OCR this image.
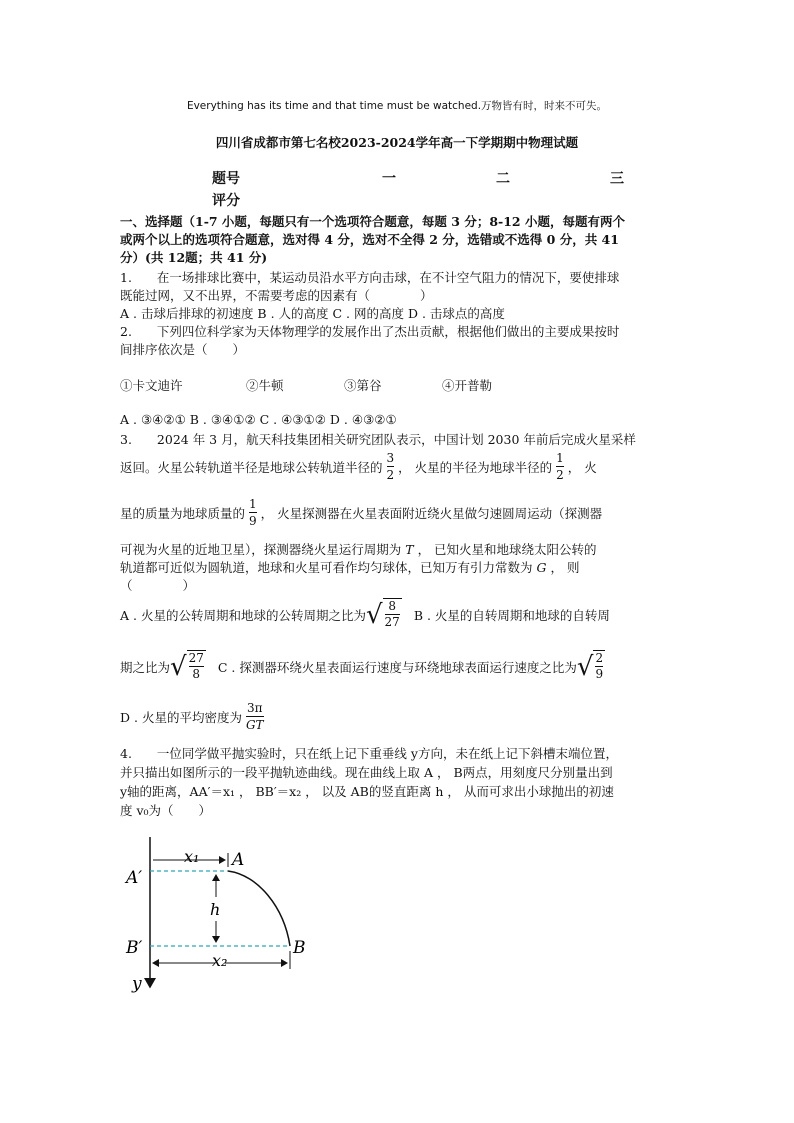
Everything has its time and that time must be watched.万物皆有时，时来不可失。
四川省成都市第七名校2023-2024学年高一下学期期中物理试题
题号	一	二	三
评分
一、选择题（1-7 小题，每题只有一个选项符合题意，每题 3 分；8-12 小题，每题有两个
或两个以上的选项符合题意，选对得 4 分，选对不全得 2 分，选错或不选得 0 分，共 41
分）(共 12题；共 41 分)
1.　　在一场排球比赛中，某运动员沿水平方向击球，在不计空气阻力的情况下，要使排球
既能过网，又不出界，不需要考虑的因素有（　　　　）
A . 击球后排球的初速度 B . 人的高度 C . 网的高度 D . 击球点的高度
2.　　下列四位科学家为天体物理学的发展作出了杰出贡献，根据他们做出的主要成果按时
间排序依次是（　　）
①卡文迪许	②牛顿	③第谷	④开普勒
A . ③④②① B . ③④①② C . ④③①② D . ④③②①
3.　　2024 年 3 月，航天科技集团相关研究团队表示，中国计划 2030 年前后完成火星采样
返回。火星公转轨道半径是地球公转轨道半径的 $\frac{3}{2}$ ， 火星的半径为地球半径的 $\frac{1}{2}$ ， 火
星的质量为地球质量的 $\frac{1}{9}$ ， 火星探测器在火星表面附近绕火星做匀速圆周运动（探测器
可视为火星的近地卫星），探测器绕火星运行周期为 T ， 已知火星和地球绕太阳公转的
轨道都可近似为圆轨道，地球和火星可看作均匀球体，已知万有引力常数为 G ， 则
（　　　　）
A . 火星的公转周期和地球的公转周期之比为 √ 8
27 B . 火星的自转周期和地球的自转周
期之比为 √ 27
8 C . 探测器环绕火星表面运行速度与环绕地球表面运行速度之比为 √ 2
9
D . 火星的平均密度为 $\frac{3\pi}{GT}$
4.　　一位同学做平抛实验时，只在纸上记下重垂线 y方向，未在纸上记下斜槽末端位置，
并只描出如图所示的一段平抛轨迹曲线。现在曲线上取 A ， B两点，用刻度尺分别量出到
y轴的距离，AA′＝x₁ ， BB′＝x₂ ， 以及 AB的竖直距离 h ， 从而可求出小球抛出的初速
度 v₀为（　　）
A′
A
B′	B
x₁
x₂
h
y
